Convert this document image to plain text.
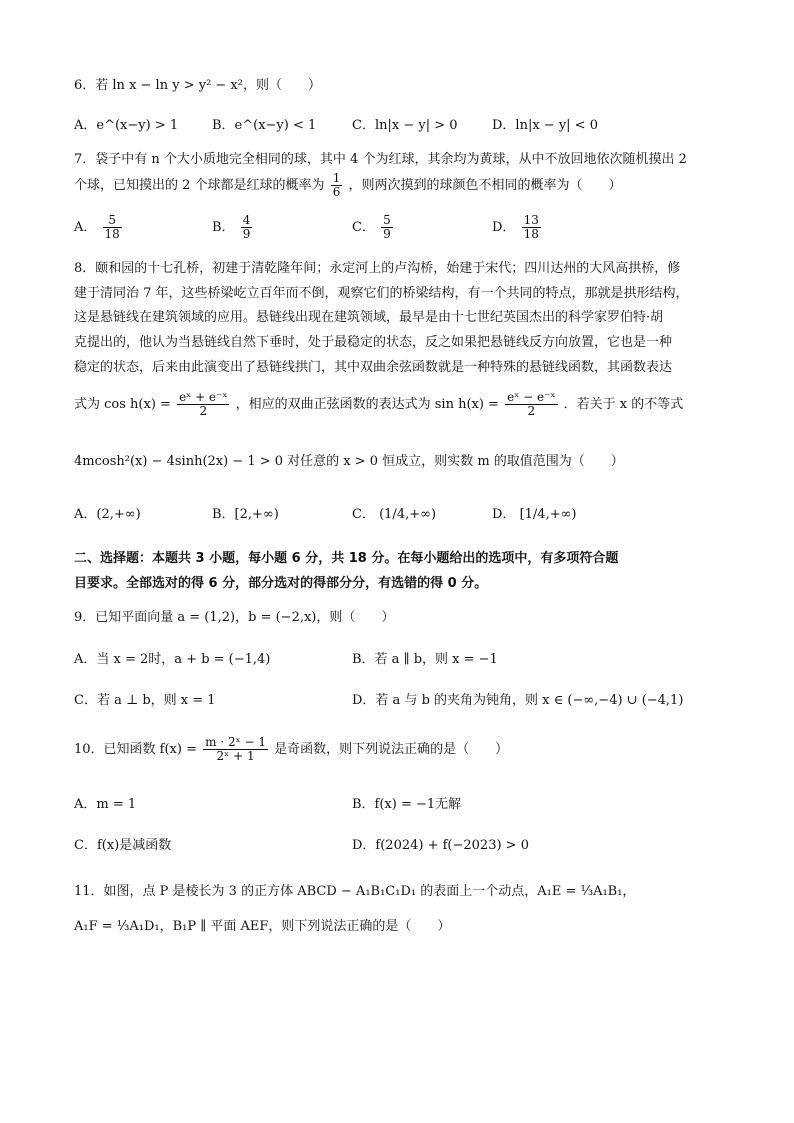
6．若 ln x − ln y > y² − x²，则（　　）
A．e^(x−y) > 1	B．e^(x−y) < 1	C．ln|x − y| > 0	D．ln|x − y| < 0
7．袋子中有 n 个大小质地完全相同的球，其中 4 个为红球，其余均为黄球，从中不放回地依次随机摸出 2
个球，已知摸出的 2 个球都是红球的概率为 $\frac{1}{6}$ ，则两次摸到的球颜色不相同的概率为（　　）
A． $\frac{5}{18}$	B． $\frac{4}{9}$	C． $\frac{5}{9}$	D． $\frac{13}{18}$
8．颐和园的十七孔桥，初建于清乾隆年间；永定河上的卢沟桥，始建于宋代；四川达州的大风高拱桥，修
建于清同治 7 年，这些桥梁屹立百年而不倒，观察它们的桥梁结构，有一个共同的特点，那就是拱形结构，
这是悬链线在建筑领域的应用。悬链线出现在建筑领域，最早是由十七世纪英国杰出的科学家罗伯特·胡
克提出的，他认为当悬链线自然下垂时，处于最稳定的状态，反之如果把悬链线反方向放置，它也是一种
稳定的状态，后来由此演变出了悬链线拱门，其中双曲余弦函数就是一种特殊的悬链线函数，其函数表达
式为 $\cos h(x) = \frac{\text{eˣ + e⁻ˣ}}{2}$ ，相应的双曲正弦函数的表达式为 $\sin h(x) = \frac{\text{eˣ − e⁻ˣ}}{2}$ ．若关于 x 的不等式
4mcosh²(x) − 4sinh(2x) − 1 > 0 对任意的 x > 0 恒成立，则实数 m 的取值范围为（　　）
A．(2,+∞)	B．[2,+∞)	C． (1/4,+∞)	D． [1/4,+∞)
二、选择题：本题共 3 小题，每小题 6 分，共 18 分。在每小题给出的选项中，有多项符合题
目要求。全部选对的得 6 分，部分选对的得部分分，有选错的得 0 分。
9．已知平面向量 a = (1,2)，b = (−2,x)，则（　　）
A．当 x = 2时，a + b = (−1,4)	B．若 a ∥ b，则 x = −1
C．若 a ⊥ b，则 x = 1	D．若 a 与 b 的夹角为钝角，则 x ∈ (−∞,−4) ∪ (−4,1)
10．已知函数 $f(x) = \frac{\text{m · 2ˣ − 1}}{\text{2ˣ + 1}}$ 是奇函数，则下列说法正确的是（　　）
A．m = 1	B．f(x) = −1无解
C．f(x)是减函数	D．f(2024) + f(−2023) > 0
11．如图，点 P 是棱长为 3 的正方体 ABCD − A₁B₁C₁D₁ 的表面上一个动点，A₁E = ⅓A₁B₁，
A₁F = ⅓A₁D₁，B₁P ∥ 平面 AEF，则下列说法正确的是（　　）
